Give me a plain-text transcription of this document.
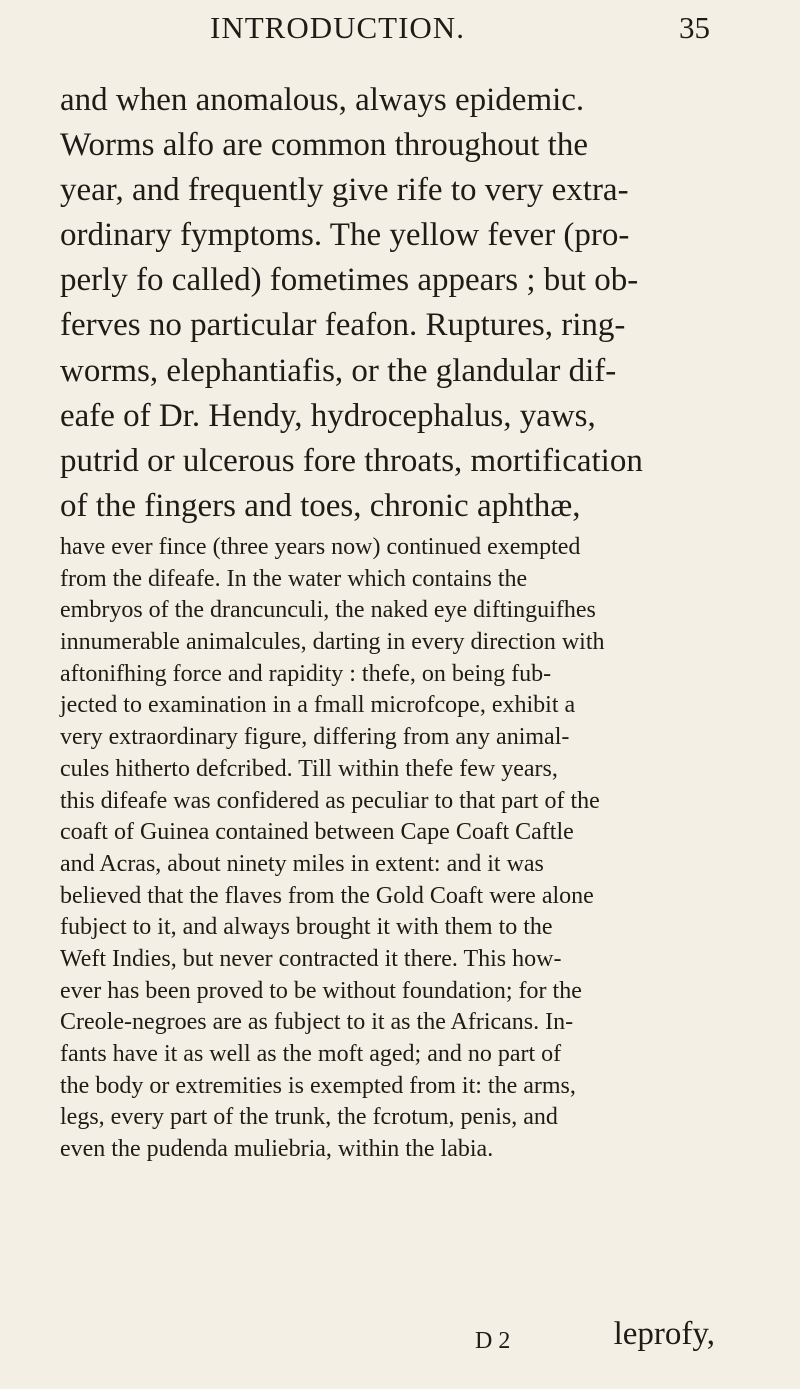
INTRODUCTION.	35
and when anomalous, always epidemic.
Worms alfo are common throughout the
year, and frequently give rife to very extra-
ordinary fymptoms. The yellow fever (pro-
perly fo called) fometimes appears ; but ob-
ferves no particular feafon. Ruptures, ring-
worms, elephantiafis, or the glandular dif-
eafe of Dr. Hendy, hydrocephalus, yaws,
putrid or ulcerous fore throats, mortification
of the fingers and toes, chronic aphthæ,
have ever fince (three years now) continued exempted
from the difeafe. In the water which contains the
embryos of the drancunculi, the naked eye diftinguifhes
innumerable animalcules, darting in every direction with
aftonifhing force and rapidity : thefe, on being fub-
jected to examination in a fmall microfcope, exhibit a
very extraordinary figure, differing from any animal-
cules hitherto defcribed. Till within thefe few years,
this difeafe was confidered as peculiar to that part of the
coaft of Guinea contained between Cape Coaft Caftle
and Acras, about ninety miles in extent: and it was
believed that the flaves from the Gold Coaft were alone
fubject to it, and always brought it with them to the
Weft Indies, but never contracted it there. This how-
ever has been proved to be without foundation; for the
Creole-negroes are as fubject to it as the Africans. In-
fants have it as well as the moft aged; and no part of
the body or extremities is exempted from it: the arms,
legs, every part of the trunk, the fcrotum, penis, and
even the pudenda muliebria, within the labia.
D 2	leprofy,
